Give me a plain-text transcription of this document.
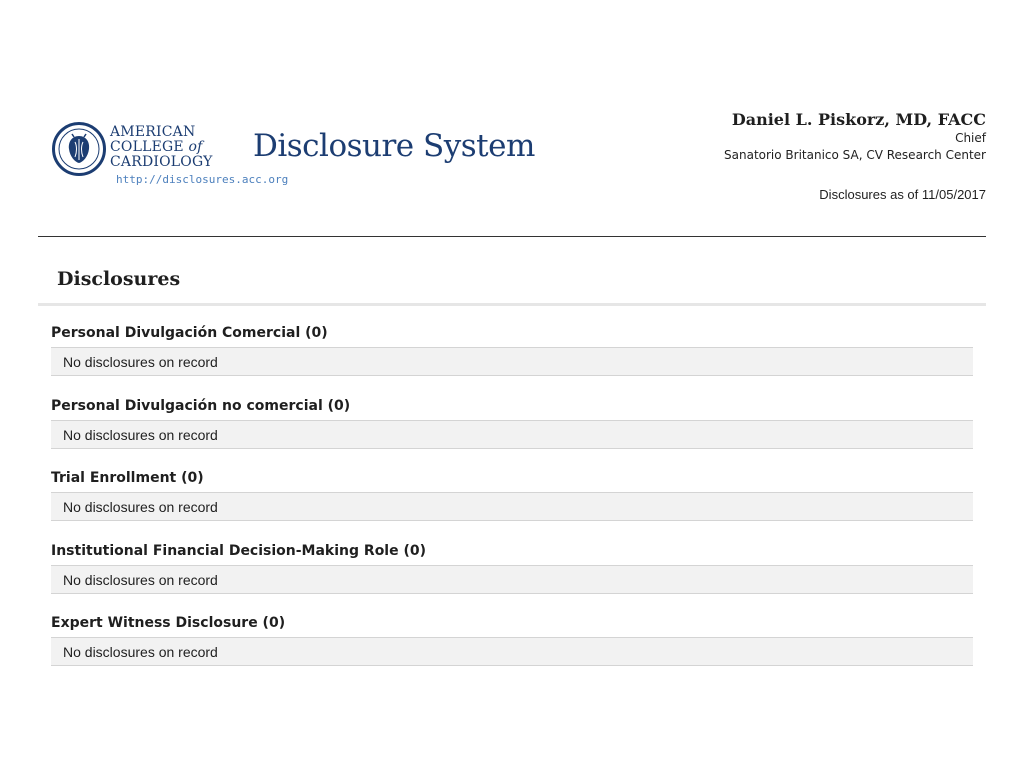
AMERICAN
COLLEGE of
CARDIOLOGY Disclosure System
http://disclosures.acc.org
Daniel L. Piskorz, MD, FACC
Chief
Sanatorio Britanico SA, CV Research Center
Disclosures as of 11/05/2017
Disclosures
Personal Divulgación Comercial (0)
No disclosures on record
Personal Divulgación no comercial (0)
No disclosures on record
Trial Enrollment (0)
No disclosures on record
Institutional Financial Decision-Making Role (0)
No disclosures on record
Expert Witness Disclosure (0)
No disclosures on record
